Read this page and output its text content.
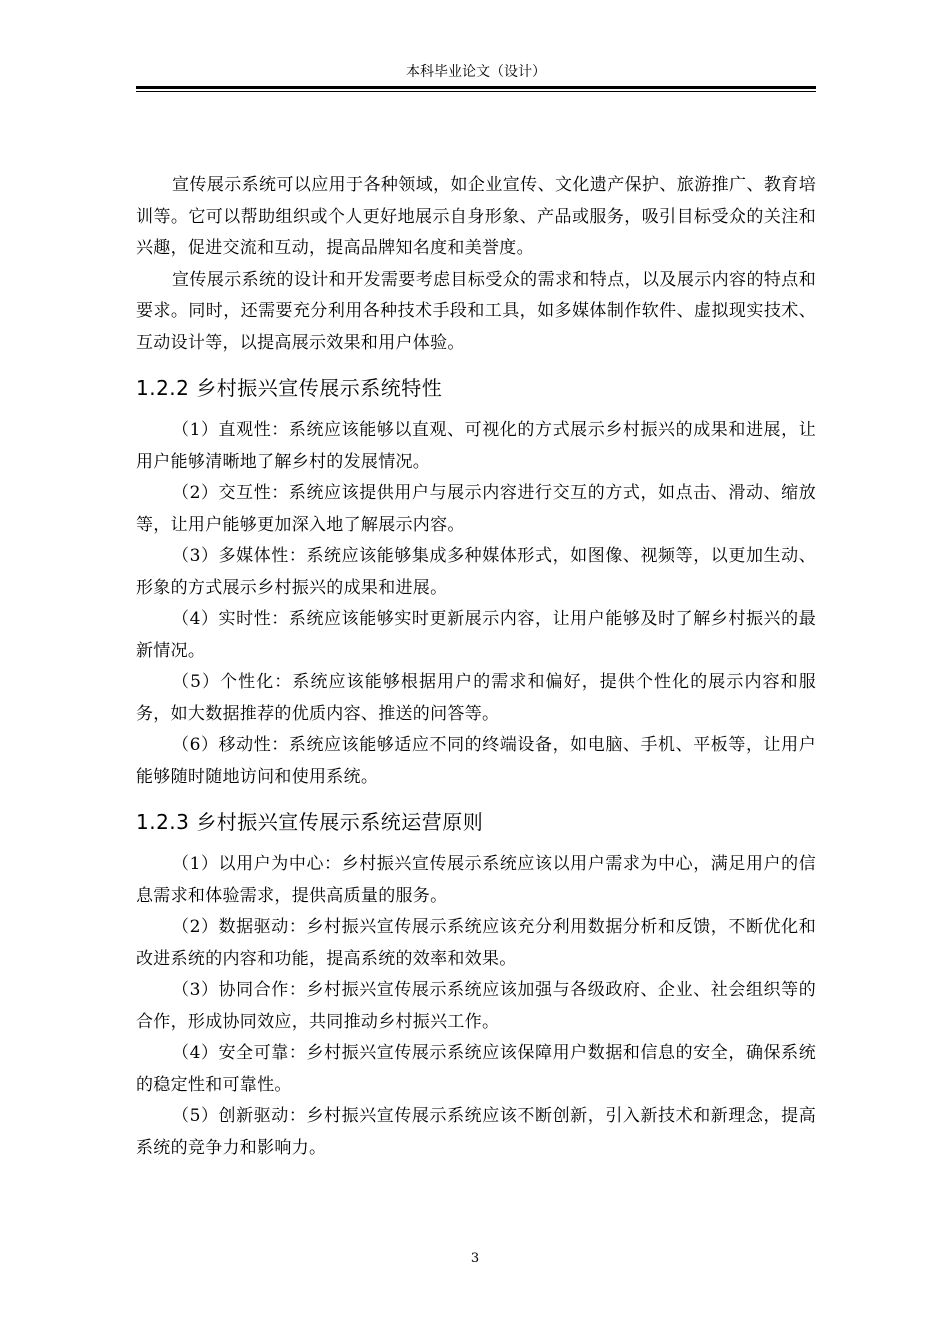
本科毕业论文（设计）

宣传展示系统可以应用于各种领域，如企业宣传、文化遗产保护、旅游推广、教育培训等。它可以帮助组织或个人更好地展示自身形象、产品或服务，吸引目标受众的关注和兴趣，促进交流和互动，提高品牌知名度和美誉度。

宣传展示系统的设计和开发需要考虑目标受众的需求和特点，以及展示内容的特点和要求。同时，还需要充分利用各种技术手段和工具，如多媒体制作软件、虚拟现实技术、互动设计等，以提高展示效果和用户体验。

1.2.2 乡村振兴宣传展示系统特性

（1）直观性：系统应该能够以直观、可视化的方式展示乡村振兴的成果和进展，让用户能够清晰地了解乡村的发展情况。

（2）交互性：系统应该提供用户与展示内容进行交互的方式，如点击、滑动、缩放等，让用户能够更加深入地了解展示内容。

（3）多媒体性：系统应该能够集成多种媒体形式，如图像、视频等，以更加生动、形象的方式展示乡村振兴的成果和进展。

（4）实时性：系统应该能够实时更新展示内容，让用户能够及时了解乡村振兴的最新情况。

（5）个性化：系统应该能够根据用户的需求和偏好，提供个性化的展示内容和服务，如大数据推荐的优质内容、推送的问答等。

（6）移动性：系统应该能够适应不同的终端设备，如电脑、手机、平板等，让用户能够随时随地访问和使用系统。

1.2.3 乡村振兴宣传展示系统运营原则

（1）以用户为中心：乡村振兴宣传展示系统应该以用户需求为中心，满足用户的信息需求和体验需求，提供高质量的服务。

（2）数据驱动：乡村振兴宣传展示系统应该充分利用数据分析和反馈，不断优化和改进系统的内容和功能，提高系统的效率和效果。

（3）协同合作：乡村振兴宣传展示系统应该加强与各级政府、企业、社会组织等的合作，形成协同效应，共同推动乡村振兴工作。

（4）安全可靠：乡村振兴宣传展示系统应该保障用户数据和信息的安全，确保系统的稳定性和可靠性。

（5）创新驱动：乡村振兴宣传展示系统应该不断创新，引入新技术和新理念，提高系统的竞争力和影响力。

3
